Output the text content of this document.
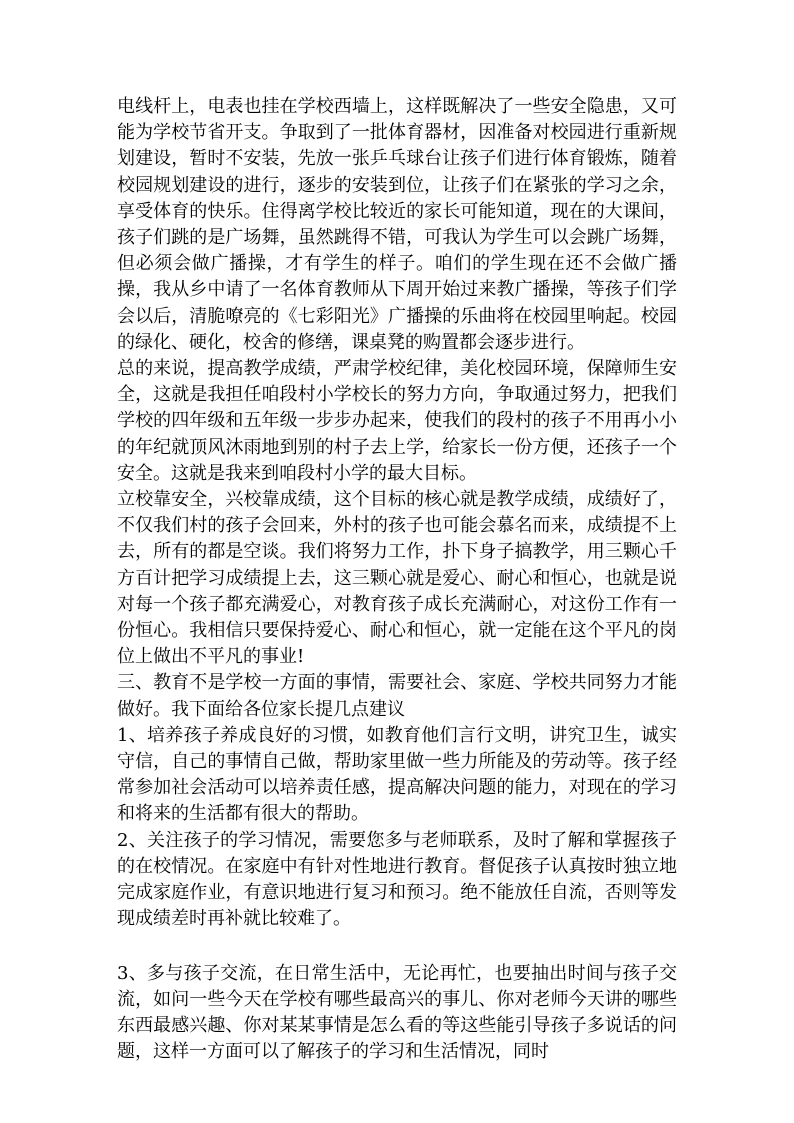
电线杆上，电表也挂在学校西墙上，这样既解决了一些安全隐患，又可能为学校节省开支。争取到了一批体育器材，因准备对校园进行重新规划建设，暂时不安装，先放一张乒乓球台让孩子们进行体育锻炼，随着校园规划建设的进行，逐步的安装到位，让孩子们在紧张的学习之余，享受体育的快乐。住得离学校比较近的家长可能知道，现在的大课间，孩子们跳的是广场舞，虽然跳得不错，可我认为学生可以会跳广场舞，但必须会做广播操，才有学生的样子。咱们的学生现在还不会做广播操，我从乡中请了一名体育教师从下周开始过来教广播操，等孩子们学会以后，清脆嘹亮的《七彩阳光》广播操的乐曲将在校园里响起。校园的绿化、硬化，校舍的修缮，课桌凳的购置都会逐步进行。

总的来说，提高教学成绩，严肃学校纪律，美化校园环境，保障师生安全，这就是我担任咱段村小学校长的努力方向，争取通过努力，把我们学校的四年级和五年级一步步办起来，使我们的段村的孩子不用再小小的年纪就顶风沐雨地到别的村子去上学，给家长一份方便，还孩子一个安全。这就是我来到咱段村小学的最大目标。

立校靠安全，兴校靠成绩，这个目标的核心就是教学成绩，成绩好了，不仅我们村的孩子会回来，外村的孩子也可能会慕名而来，成绩提不上去，所有的都是空谈。我们将努力工作，扑下身子搞教学，用三颗心千方百计把学习成绩提上去，这三颗心就是爱心、耐心和恒心，也就是说对每一个孩子都充满爱心，对教育孩子成长充满耐心，对这份工作有一份恒心。我相信只要保持爱心、耐心和恒心，就一定能在这个平凡的岗位上做出不平凡的事业!

三、教育不是学校一方面的事情，需要社会、家庭、学校共同努力才能做好。我下面给各位家长提几点建议

1、培养孩子养成良好的习惯，如教育他们言行文明，讲究卫生，诚实守信，自己的事情自己做，帮助家里做一些力所能及的劳动等。孩子经常参加社会活动可以培养责任感，提高解决问题的能力，对现在的学习和将来的生活都有很大的帮助。

2、关注孩子的学习情况，需要您多与老师联系，及时了解和掌握孩子的在校情况。在家庭中有针对性地进行教育。督促孩子认真按时独立地完成家庭作业，有意识地进行复习和预习。绝不能放任自流，否则等发现成绩差时再补就比较难了。

3、多与孩子交流，在日常生活中，无论再忙，也要抽出时间与孩子交流，如问一些今天在学校有哪些最高兴的事儿、你对老师今天讲的哪些东西最感兴趣、你对某某事情是怎么看的等这些能引导孩子多说话的问题，这样一方面可以了解孩子的学习和生活情况，同时
